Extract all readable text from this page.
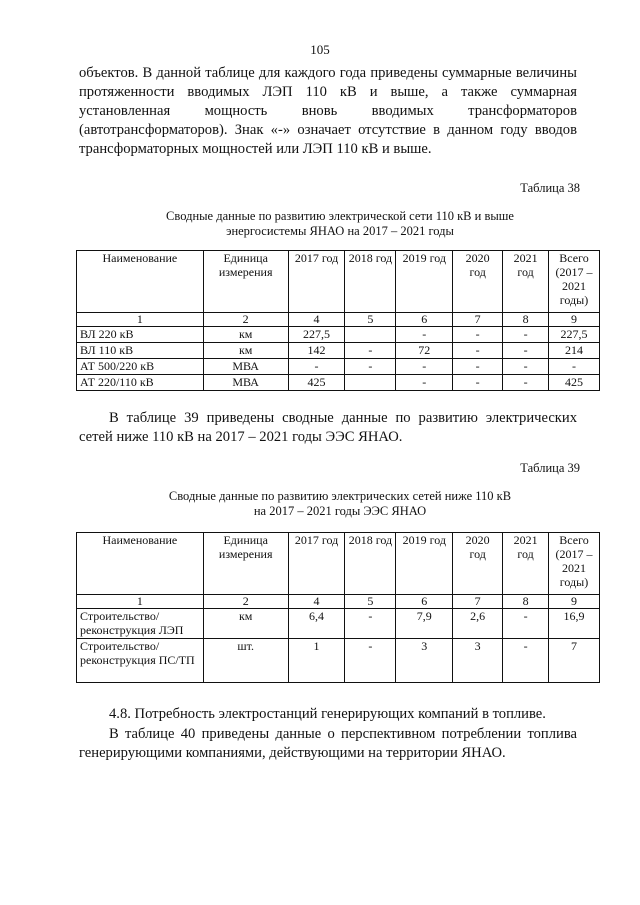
105

объектов. В данной таблице для каждого года приведены суммарные величины протяженности вводимых ЛЭП 110 кВ и выше, а также суммарная установленная мощность вновь вводимых трансформаторов (автотрансформаторов). Знак «-» означает отсутствие в данном году вводов трансформаторных мощностей или ЛЭП 110 кВ и выше.

Таблица 38
Сводные данные по развитию электрической сети 110 кВ и выше
энергосистемы ЯНАО на 2017 – 2021 годы
Наименование	Единица измерения	2017 год	2018 год	2019 год	2020 год	2021 год	Всего (2017 – 2021 годы)
1	2	4	5	6	7	8	9
ВЛ 220 кВ	км	227,5		-	-	-	227,5
ВЛ 110 кВ	км	142	-	72	-	-	214
АТ 500/220 кВ	МВА	-	-	-	-	-	-
АТ 220/110 кВ	МВА	425		-	-	-	425

В таблице 39 приведены сводные данные по развитию электрических сетей ниже 110 кВ на 2017 – 2021 годы ЭЭС ЯНАО.

Таблица 39
Сводные данные по развитию электрических сетей ниже 110 кВ
на 2017 – 2021 годы ЭЭС ЯНАО
Наименование	Единица измерения	2017 год	2018 год	2019 год	2020 год	2021 год	Всего (2017 – 2021 годы)
1	2	4	5	6	7	8	9
Строительство/ реконструкция ЛЭП	км	6,4	-	7,9	2,6	-	16,9
Строительство/ реконструкция ПС/ТП	шт.	1	-	3	3	-	7

4.8. Потребность электростанций генерирующих компаний в топливе.

В таблице 40 приведены данные о перспективном потреблении топлива генерирующими компаниями, действующими на территории ЯНАО.
